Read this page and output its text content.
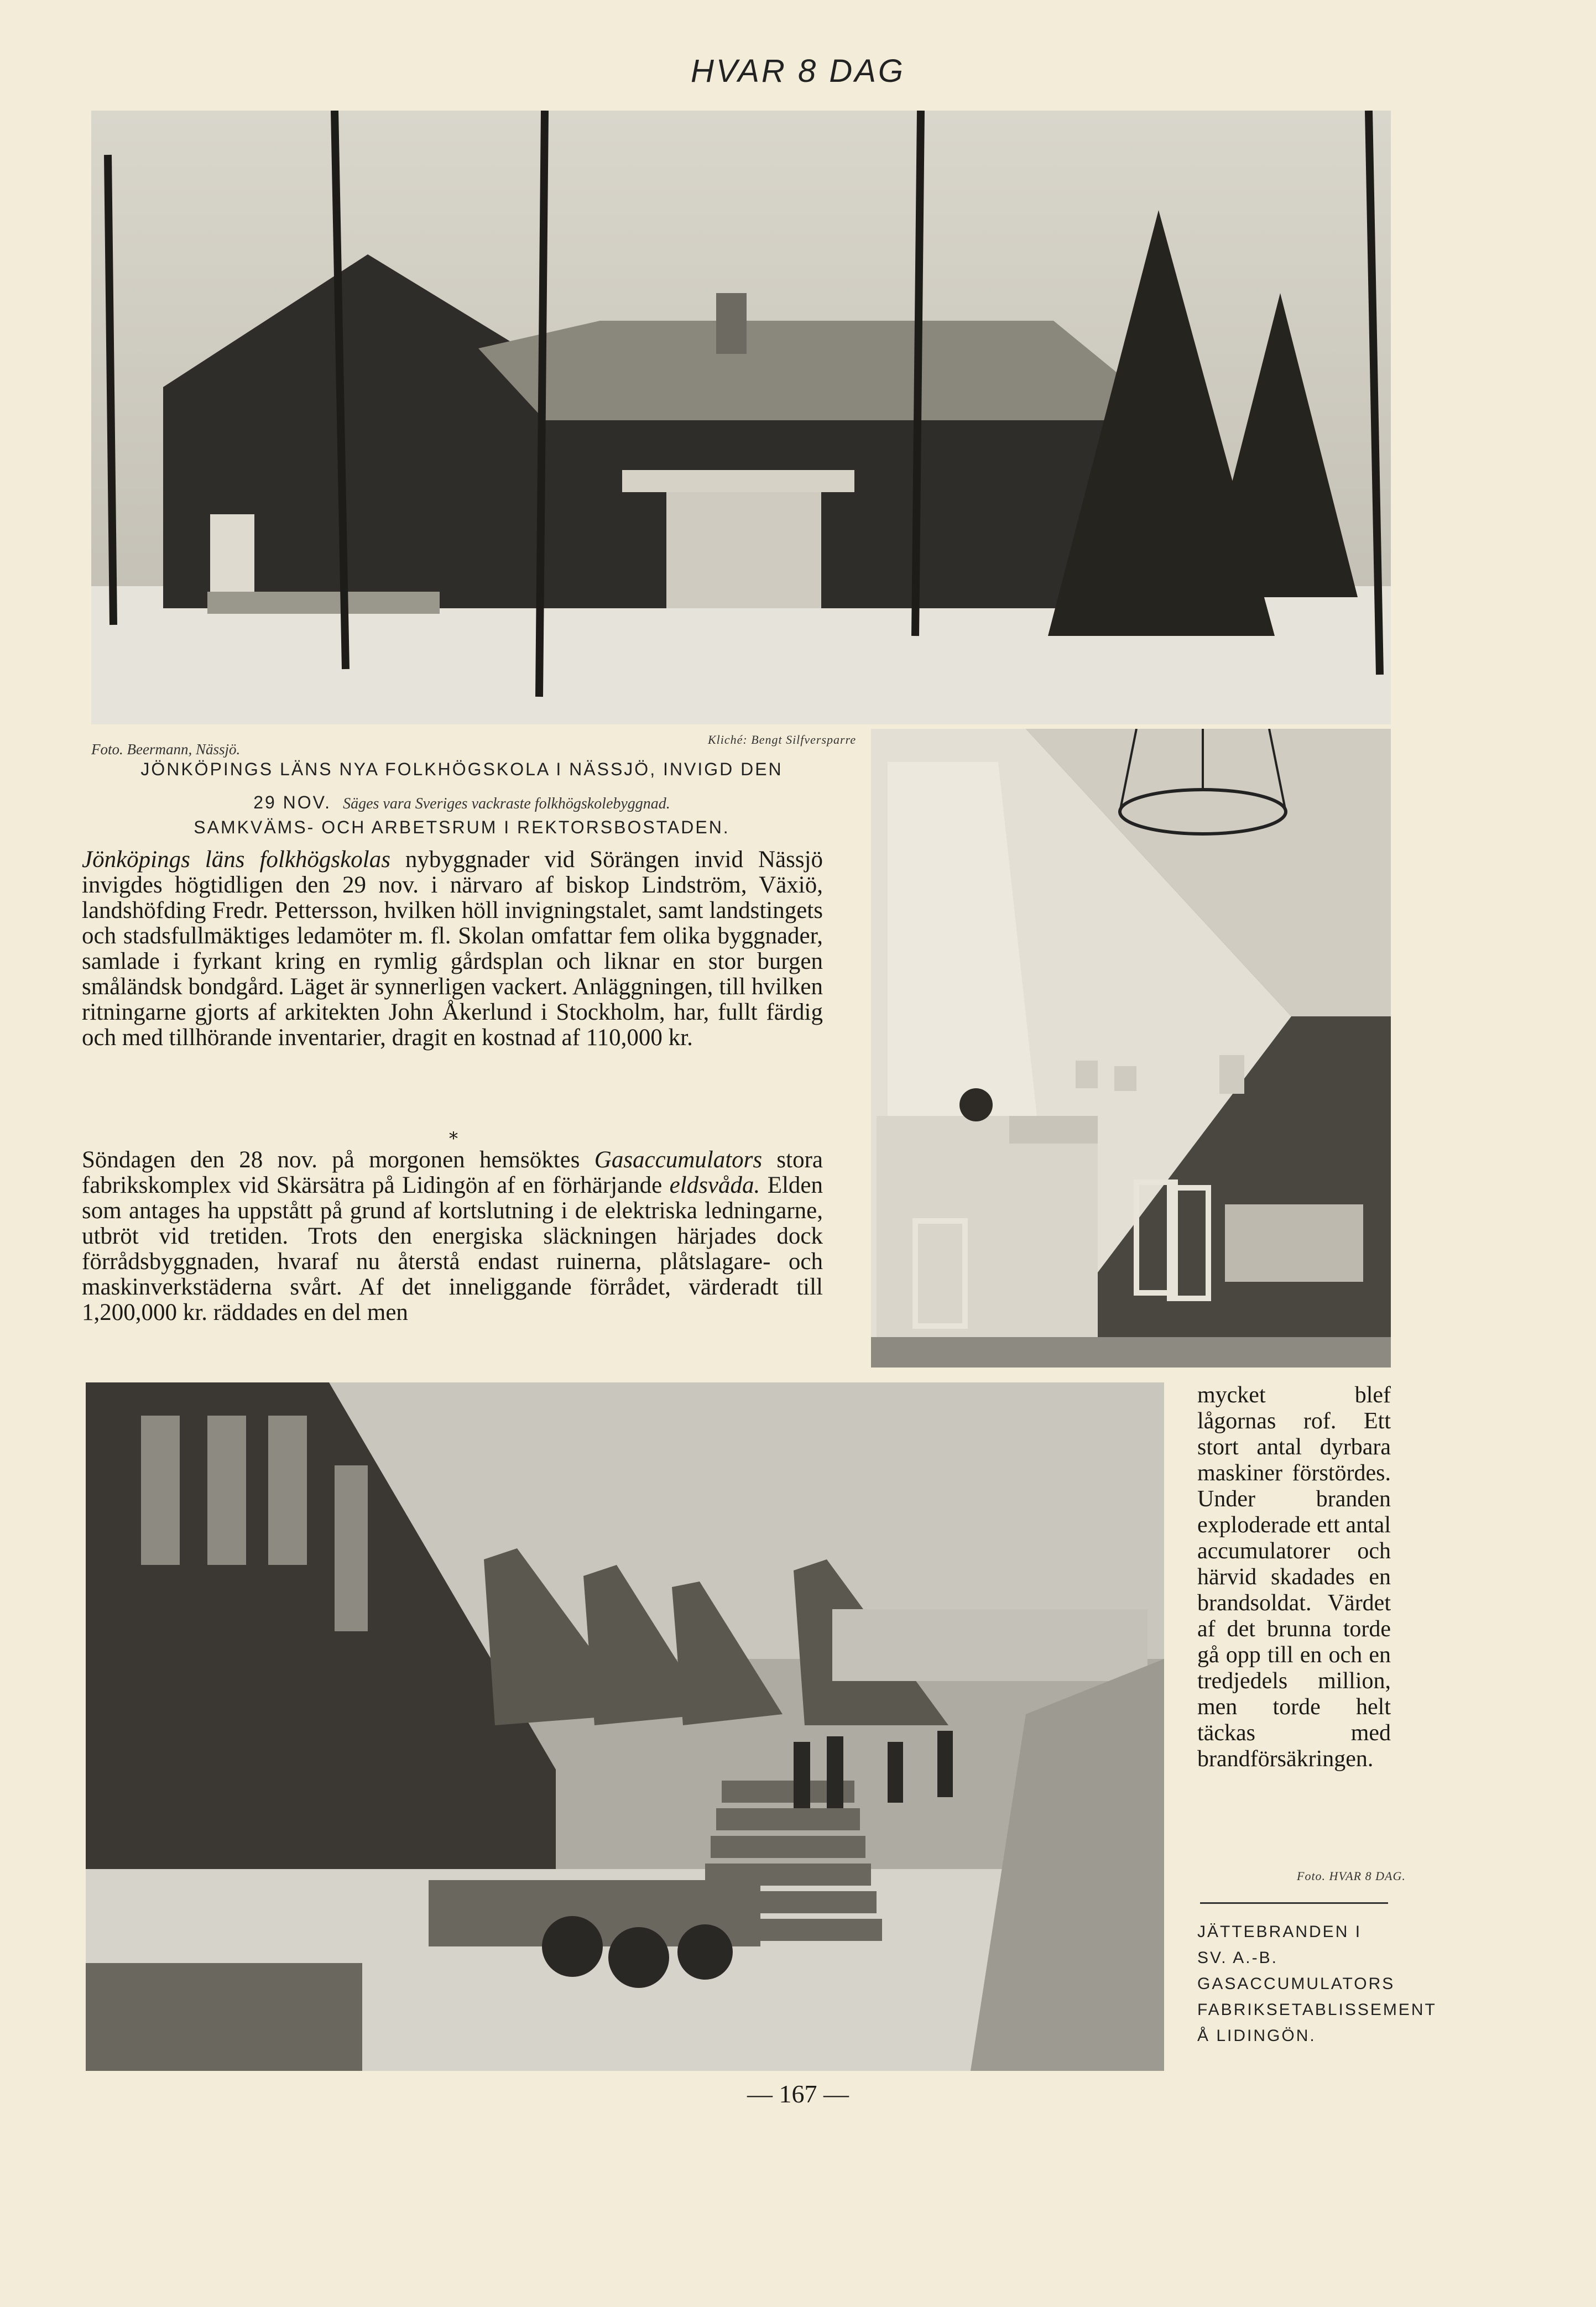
HVAR 8 DAG
Foto. Beermann, Nässjö.
Kliché: Bengt Silfversparre
JÖNKÖPINGS LÄNS NYA FOLKHÖGSKOLA I NÄSSJÖ, INVIGD DEN
29 NOV. Säges vara Sveriges vackraste folkhögskolebyggnad.
SAMKVÄMS- OCH ARBETSRUM I REKTORSBOSTADEN.
Jönköpings läns folkhögskolas nybyggnader vid Sörängen invid Nässjö invigdes högtidligen den 29 nov. i närvaro af biskop Lindström, Växiö, landshöfding Fredr. Pettersson, hvilken höll invigningstalet, samt landstingets och stadsfullmäktiges ledamöter m. fl. Skolan omfattar fem olika byggnader, samlade i fyrkant kring en rymlig gårdsplan och liknar en stor burgen småländsk bondgård. Läget är synnerligen vackert. Anläggningen, till hvilken ritningarne gjorts af arkitekten John Åkerlund i Stockholm, har, fullt färdig och med tillhörande inventarier, dragit en kostnad af 110,000 kr.
*
Söndagen den 28 nov. på morgonen hemsöktes Gasaccumulators stora fabrikskomplex vid Skärsätra på Lidingön af en förhärjande eldsvåda. Elden som antages ha uppstått på grund af kortslutning i de elektriska ledningarne, utbröt vid tretiden. Trots den energiska släckningen härjades dock förrådsbyggnaden, hvaraf nu återstå endast ruinerna, plåtslagare- och maskinverkstäderna svårt. Af det inneliggande förrådet, värderadt till 1,200,000 kr. räddades en del men
mycket blef lågornas rof. Ett stort antal dyrbara maskiner förstördes. Under branden exploderade ett antal accumulatorer och härvid skadades en brandsoldat. Värdet af det brunna torde gå opp till en och en tredjedels million, men torde helt täckas med brandförsäkringen.
Foto. HVAR 8 DAG.
JÄTTEBRANDEN I SV. A.-B. GASACCUMULATORS FABRIKSETABLISSEMENT Å LIDINGÖN.
— 167 —
